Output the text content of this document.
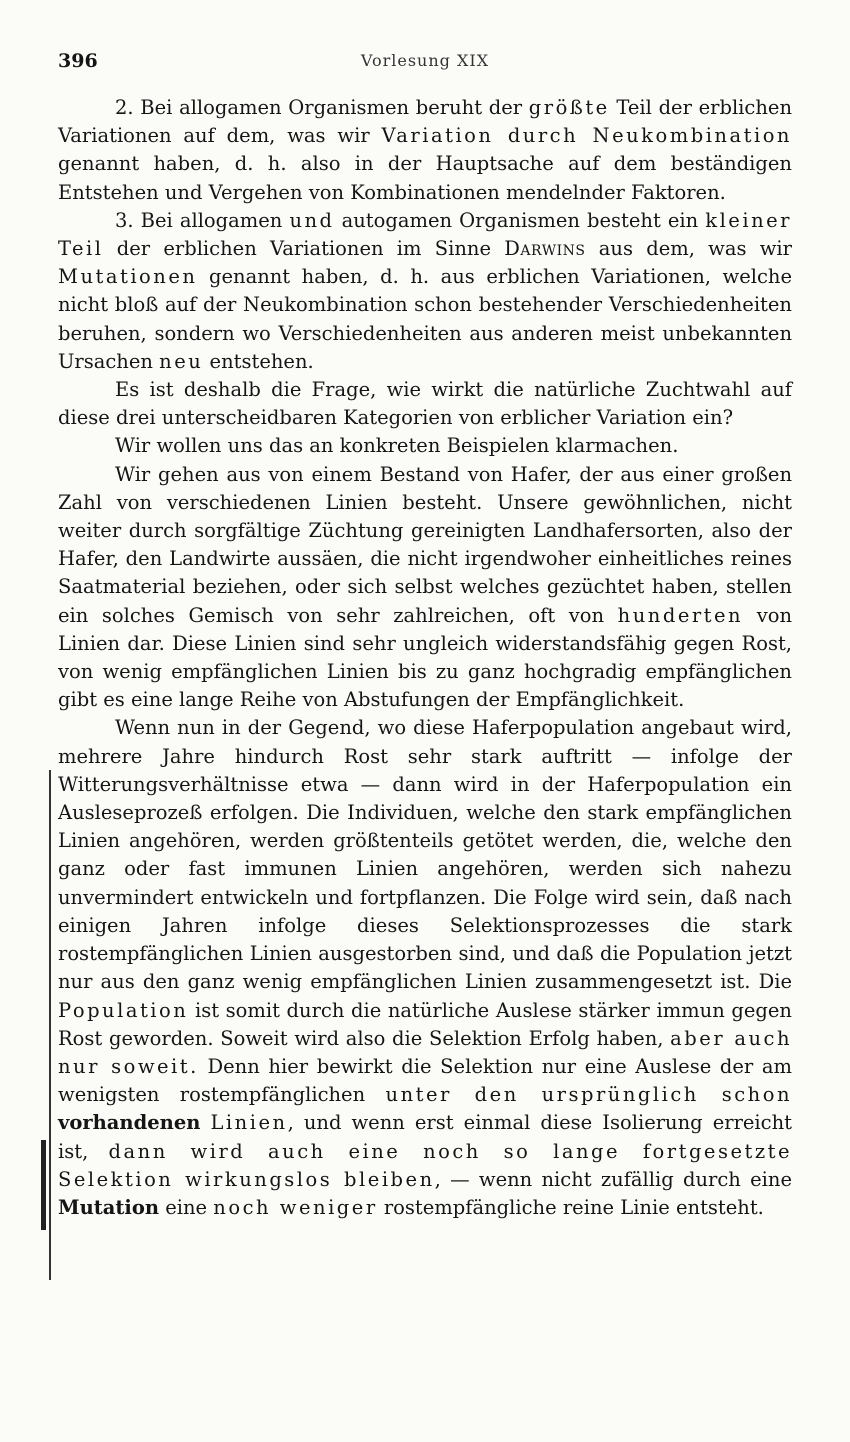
396	Vorlesung XIX

2. Bei allogamen Organismen beruht der größte Teil der erblichen Variationen auf dem, was wir Variation durch Neukombination genannt haben, d. h. also in der Hauptsache auf dem beständigen Entstehen und Vergehen von Kombinationen mendelnder Faktoren.

3. Bei allogamen und autogamen Organismen besteht ein kleiner Teil der erblichen Variationen im Sinne Darwins aus dem, was wir Mutationen genannt haben, d. h. aus erblichen Variationen, welche nicht bloß auf der Neukombination schon bestehender Verschiedenheiten beruhen, sondern wo Verschiedenheiten aus anderen meist unbekannten Ursachen neu entstehen.

Es ist deshalb die Frage, wie wirkt die natürliche Zuchtwahl auf diese drei unterscheidbaren Kategorien von erblicher Variation ein?

Wir wollen uns das an konkreten Beispielen klarmachen.

Wir gehen aus von einem Bestand von Hafer, der aus einer großen Zahl von verschiedenen Linien besteht. Unsere gewöhnlichen, nicht weiter durch sorgfältige Züchtung gereinigten Landhafersorten, also der Hafer, den Landwirte aussäen, die nicht irgendwoher einheitliches reines Saatmaterial beziehen, oder sich selbst welches gezüchtet haben, stellen ein solches Gemisch von sehr zahlreichen, oft von hunderten von Linien dar. Diese Linien sind sehr ungleich widerstandsfähig gegen Rost, von wenig empfänglichen Linien bis zu ganz hochgradig empfänglichen gibt es eine lange Reihe von Abstufungen der Empfänglichkeit.

Wenn nun in der Gegend, wo diese Haferpopulation angebaut wird, mehrere Jahre hindurch Rost sehr stark auftritt — infolge der Witterungsverhältnisse etwa — dann wird in der Haferpopulation ein Ausleseprozeß erfolgen. Die Individuen, welche den stark empfänglichen Linien angehören, werden größtenteils getötet werden, die, welche den ganz oder fast immunen Linien angehören, werden sich nahezu unvermindert entwickeln und fortpflanzen. Die Folge wird sein, daß nach einigen Jahren infolge dieses Selektionsprozesses die stark rostempfänglichen Linien ausgestorben sind, und daß die Population jetzt nur aus den ganz wenig empfänglichen Linien zusammengesetzt ist. Die Population ist somit durch die natürliche Auslese stärker immun gegen Rost geworden. Soweit wird also die Selektion Erfolg haben, aber auch nur soweit. Denn hier bewirkt die Selektion nur eine Auslese der am wenigsten rostempfänglichen unter den ursprünglich schon vorhandenen Linien, und wenn erst einmal diese Isolierung erreicht ist, dann wird auch eine noch so lange fortgesetzte Selektion wirkungslos bleiben, — wenn nicht zufällig durch eine Mutation eine noch weniger rostempfängliche reine Linie entsteht.
